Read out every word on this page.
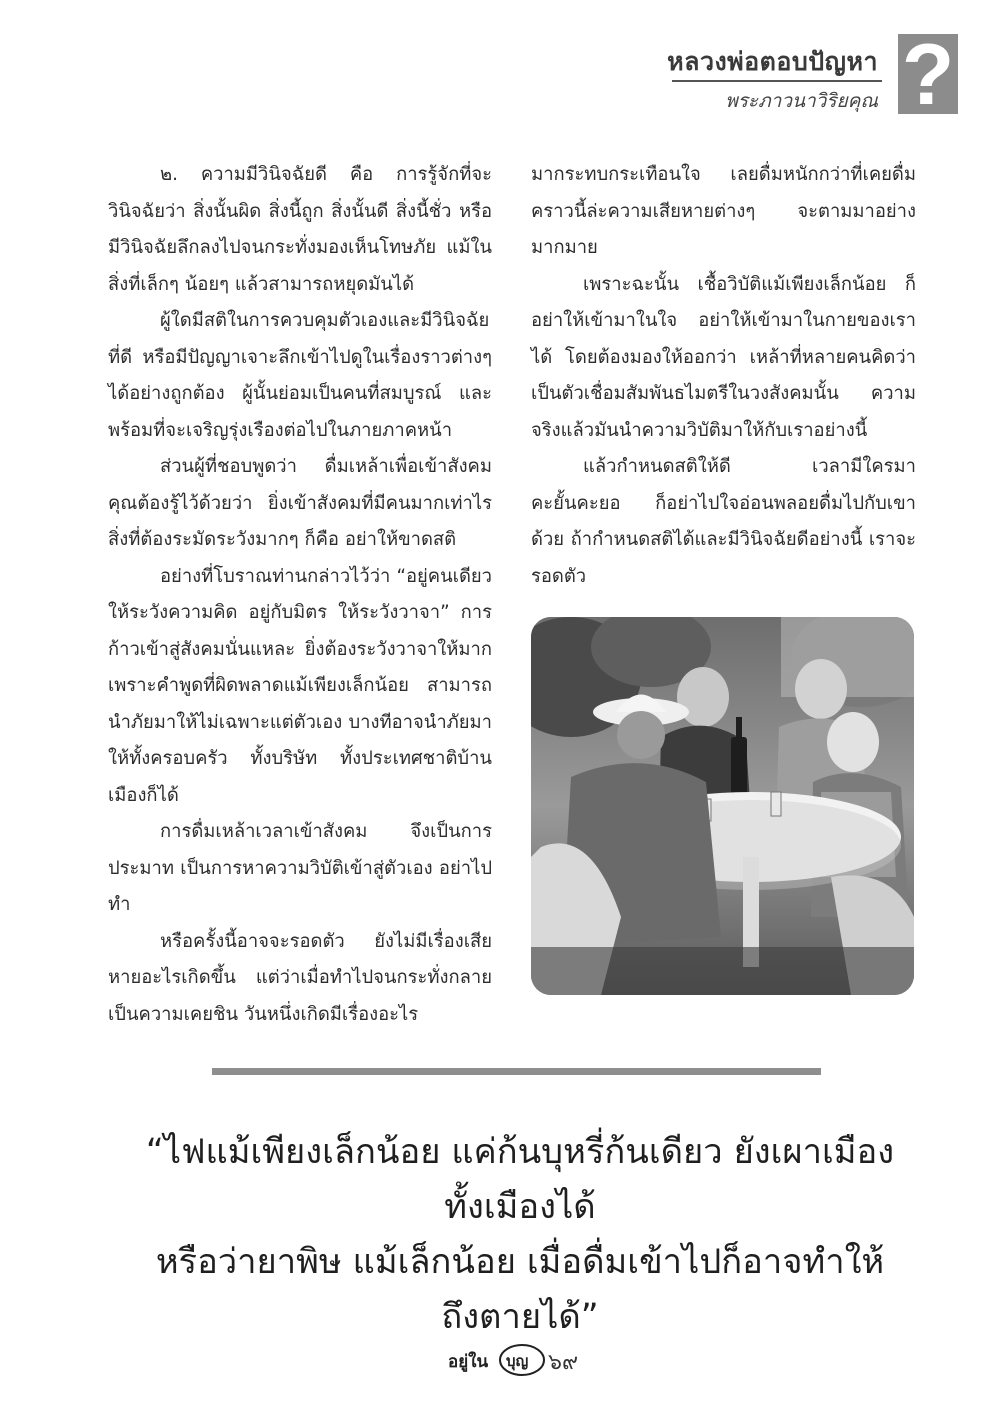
หลวงพ่อตอบปัญหา
พระภาวนาวิริยคุณ ?

๒. ความมีวินิจฉัยดี คือ การรู้จักที่จะวินิจฉัยว่า สิ่งนั้นผิด สิ่งนี้ถูก สิ่งนั้นดี สิ่งนี้ชั่ว หรือมีวินิจฉัยลึกลงไปจนกระทั่งมองเห็นโทษภัย แม้ในสิ่งที่เล็กๆ น้อยๆ แล้วสามารถหยุดมันได้

ผู้ใดมีสติในการควบคุมตัวเองและมีวินิจฉัยที่ดี หรือมีปัญญาเจาะลึกเข้าไปดูในเรื่องราวต่างๆ ได้อย่างถูกต้อง ผู้นั้นย่อมเป็นคนที่สมบูรณ์ และพร้อมที่จะเจริญรุ่งเรืองต่อไปในภายภาคหน้า

ส่วนผู้ที่ชอบพูดว่า ดื่มเหล้าเพื่อเข้าสังคม คุณต้องรู้ไว้ด้วยว่า ยิ่งเข้าสังคมที่มีคนมากเท่าไร สิ่งที่ต้องระมัดระวังมากๆ ก็คือ อย่าให้ขาดสติ

อย่างที่โบราณท่านกล่าวไว้ว่า “อยู่คนเดียวให้ระวังความคิด อยู่กับมิตร ให้ระวังวาจา” การก้าวเข้าสู่สังคมนั่นแหละ ยิ่งต้องระวังวาจาให้มาก เพราะคำพูดที่ผิดพลาดแม้เพียงเล็กน้อย สามารถนำภัยมาให้ไม่เฉพาะแต่ตัวเอง บางทีอาจนำภัยมาให้ทั้งครอบครัว ทั้งบริษัท ทั้งประเทศชาติบ้านเมืองก็ได้

การดื่มเหล้าเวลาเข้าสังคม จึงเป็นการประมาท เป็นการหาความวิบัติเข้าสู่ตัวเอง อย่าไปทำ

หรือครั้งนี้อาจจะรอดตัว ยังไม่มีเรื่องเสียหายอะไรเกิดขึ้น แต่ว่าเมื่อทำไปจนกระทั่งกลายเป็นความเคยชิน วันหนึ่งเกิดมีเรื่องอะไร

มากระทบกระเทือนใจ เลยดื่มหนักกว่าที่เคยดื่มคราวนี้ล่ะความเสียหายต่างๆ จะตามมาอย่างมากมาย

เพราะฉะนั้น เชื้อวิบัติแม้เพียงเล็กน้อย ก็อย่าให้เข้ามาในใจ อย่าให้เข้ามาในกายของเราได้ โดยต้องมองให้ออกว่า เหล้าที่หลายคนคิดว่าเป็นตัวเชื่อมสัมพันธไมตรีในวงสังคมนั้น ความจริงแล้วมันนำความวิบัติมาให้กับเราอย่างนี้

แล้วกำหนดสติให้ดี เวลามีใครมาคะยั้นคะยอ ก็อย่าไปใจอ่อนพลอยดื่มไปกับเขาด้วย ถ้ากำหนดสติได้และมีวินิจฉัยดีอย่างนี้ เราจะรอดตัว

“ไฟแม้เพียงเล็กน้อย แค่ก้นบุหรี่ก้นเดียว ยังเผาเมืองทั้งเมืองได้
หรือว่ายาพิษ แม้เล็กน้อย เมื่อดื่มเข้าไปก็อาจทำให้ถึงตายได้”
อยู่ใน บุญ ๖๙
